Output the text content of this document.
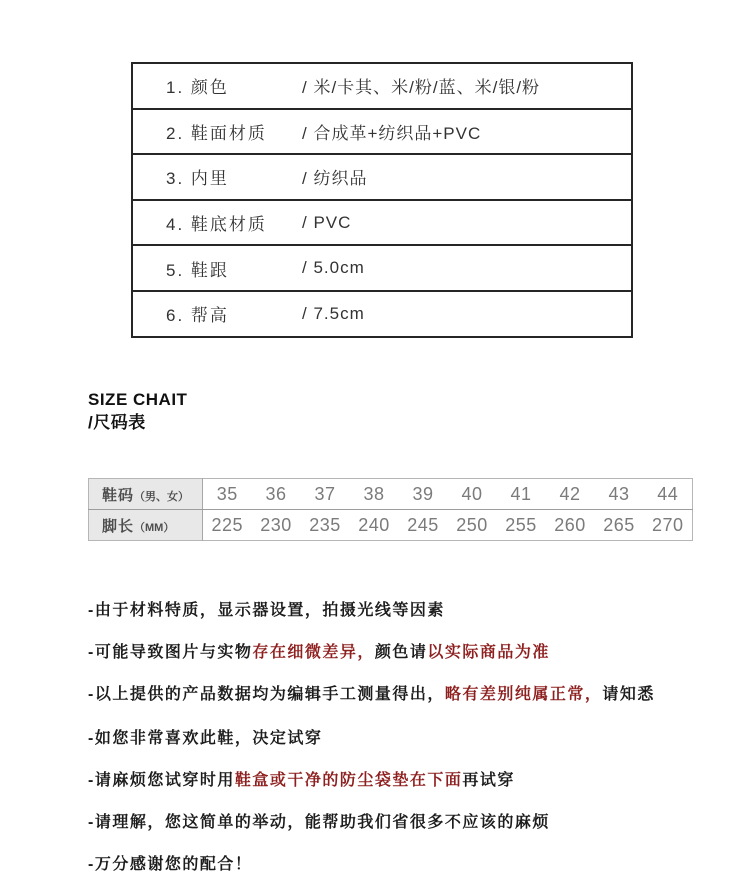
1. 颜色	/ 米/卡其、米/粉/蓝、米/银/粉
2. 鞋面材质	/ 合成革+纺织品+PVC
3. 内里	/ 纺织品
4. 鞋底材质	/ PVC
5. 鞋跟	/ 5.0cm
6. 帮高	/ 7.5cm
SIZE CHAIT
/尺码表
鞋码（男、女）	35	36	37	38	39	40	41	42	43	44
脚长（MM）	225	230	235	240	245	250	255	260	265	270
-由于材料特质，显示器设置，拍摄光线等因素
-可能导致图片与实物存在细微差异，颜色请以实际商品为准
-以上提供的产品数据均为编辑手工测量得出，略有差别纯属正常，请知悉
-如您非常喜欢此鞋，决定试穿
-请麻烦您试穿时用鞋盒或干净的防尘袋垫在下面再试穿
-请理解，您这简单的举动，能帮助我们省很多不应该的麻烦
-万分感谢您的配合！
